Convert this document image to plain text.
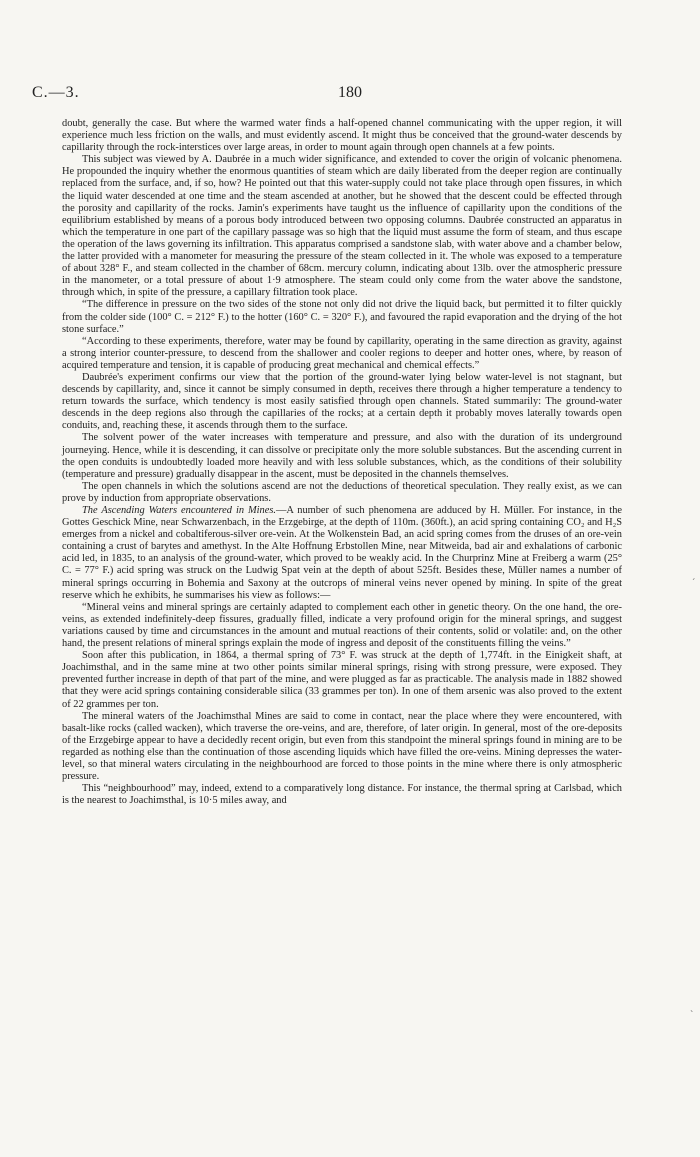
C.—3.	180

doubt, generally the case. But where the warmed water finds a half-opened channel communicating with the upper region, it will experience much less friction on the walls, and must evidently ascend. It might thus be conceived that the ground-water descends by capillarity through the rock-interstices over large areas, in order to mount again through open channels at a few points.

This subject was viewed by A. Daubrée in a much wider significance, and extended to cover the origin of volcanic phenomena. He propounded the inquiry whether the enormous quantities of steam which are daily liberated from the deeper region are continually replaced from the surface, and, if so, how? He pointed out that this water-supply could not take place through open fissures, in which the liquid water descended at one time and the steam ascended at another, but he showed that the descent could be effected through the porosity and capillarity of the rocks. Jamin's experiments have taught us the influence of capillarity upon the conditions of the equilibrium established by means of a porous body introduced between two opposing columns. Daubrée constructed an apparatus in which the temperature in one part of the capillary passage was so high that the liquid must assume the form of steam, and thus escape the operation of the laws governing its infiltration. This apparatus comprised a sandstone slab, with water above and a chamber below, the latter provided with a manometer for measuring the pressure of the steam collected in it. The whole was exposed to a temperature of about 328° F., and steam collected in the chamber of 68cm. mercury column, indicating about 13lb. over the atmospheric pressure in the manometer, or a total pressure of about 1·9 atmosphere. The steam could only come from the water above the sandstone, through which, in spite of the pressure, a capillary filtration took place.

“The difference in pressure on the two sides of the stone not only did not drive the liquid back, but permitted it to filter quickly from the colder side (100° C. = 212° F.) to the hotter (160° C. = 320° F.), and favoured the rapid evaporation and the drying of the hot stone surface.”

“According to these experiments, therefore, water may be found by capillarity, operating in the same direction as gravity, against a strong interior counter-pressure, to descend from the shallower and cooler regions to deeper and hotter ones, where, by reason of acquired temperature and tension, it is capable of producing great mechanical and chemical effects.”

Daubrée's experiment confirms our view that the portion of the ground-water lying below water-level is not stagnant, but descends by capillarity, and, since it cannot be simply consumed in depth, receives there through a higher temperature a tendency to return towards the surface, which tendency is most easily satisfied through open channels. Stated summarily: The ground-water descends in the deep regions also through the capillaries of the rocks; at a certain depth it probably moves laterally towards open conduits, and, reaching these, it ascends through them to the surface.

The solvent power of the water increases with temperature and pressure, and also with the duration of its underground journeying. Hence, while it is descending, it can dissolve or precipitate only the more soluble substances. But the ascending current in the open conduits is undoubtedly loaded more heavily and with less soluble substances, which, as the conditions of their solubility (temperature and pressure) gradually disappear in the ascent, must be deposited in the channels themselves.

The open channels in which the solutions ascend are not the deductions of theoretical speculation. They really exist, as we can prove by induction from appropriate observations.

The Ascending Waters encountered in Mines.—A number of such phenomena are adduced by H. Müller. For instance, in the Gottes Geschick Mine, near Schwarzenbach, in the Erzgebirge, at the depth of 110m. (360ft.), an acid spring containing CO₂ and H₂S emerges from a nickel and cobaltiferous-silver ore-vein. At the Wolkenstein Bad, an acid spring comes from the druses of an ore-vein containing a crust of barytes and amethyst. In the Alte Hoffnung Erbstollen Mine, near Mitweida, bad air and exhalations of carbonic acid led, in 1835, to an analysis of the ground-water, which proved to be weakly acid. In the Churprinz Mine at Freiberg a warm (25° C. = 77° F.) acid spring was struck on the Ludwig Spat vein at the depth of about 525ft. Besides these, Müller names a number of mineral springs occurring in Bohemia and Saxony at the outcrops of mineral veins never opened by mining. In spite of the great reserve which he exhibits, he summarises his view as follows:—

“Mineral veins and mineral springs are certainly adapted to complement each other in genetic theory. On the one hand, the ore-veins, as extended indefinitely-deep fissures, gradually filled, indicate a very profound origin for the mineral springs, and suggest variations caused by time and circumstances in the amount and mutual reactions of their contents, solid or volatile: and, on the other hand, the present relations of mineral springs explain the mode of ingress and deposit of the constituents filling the veins.”

Soon after this publication, in 1864, a thermal spring of 73° F. was struck at the depth of 1,774ft. in the Einigkeit shaft, at Joachimsthal, and in the same mine at two other points similar mineral springs, rising with strong pressure, were exposed. They prevented further increase in depth of that part of the mine, and were plugged as far as practicable. The analysis made in 1882 showed that they were acid springs containing considerable silica (33 grammes per ton). In one of them arsenic was also proved to the extent of 22 grammes per ton.

The mineral waters of the Joachimsthal Mines are said to come in contact, near the place where they were encountered, with basalt-like rocks (called wacken), which traverse the ore-veins, and are, therefore, of later origin. In general, most of the ore-deposits of the Erzgebirge appear to have a decidedly recent origin, but even from this standpoint the mineral springs found in mining are to be regarded as nothing else than the continuation of those ascending liquids which have filled the ore-veins. Mining depresses the water-level, so that mineral waters circulating in the neighbourhood are forced to those points in the mine where there is only atmospheric pressure.

This “neighbourhood” may, indeed, extend to a comparatively long distance. For instance, the thermal spring at Carlsbad, which is the nearest to Joachimsthal, is 10·5 miles away, and

ˊ
ˋ
